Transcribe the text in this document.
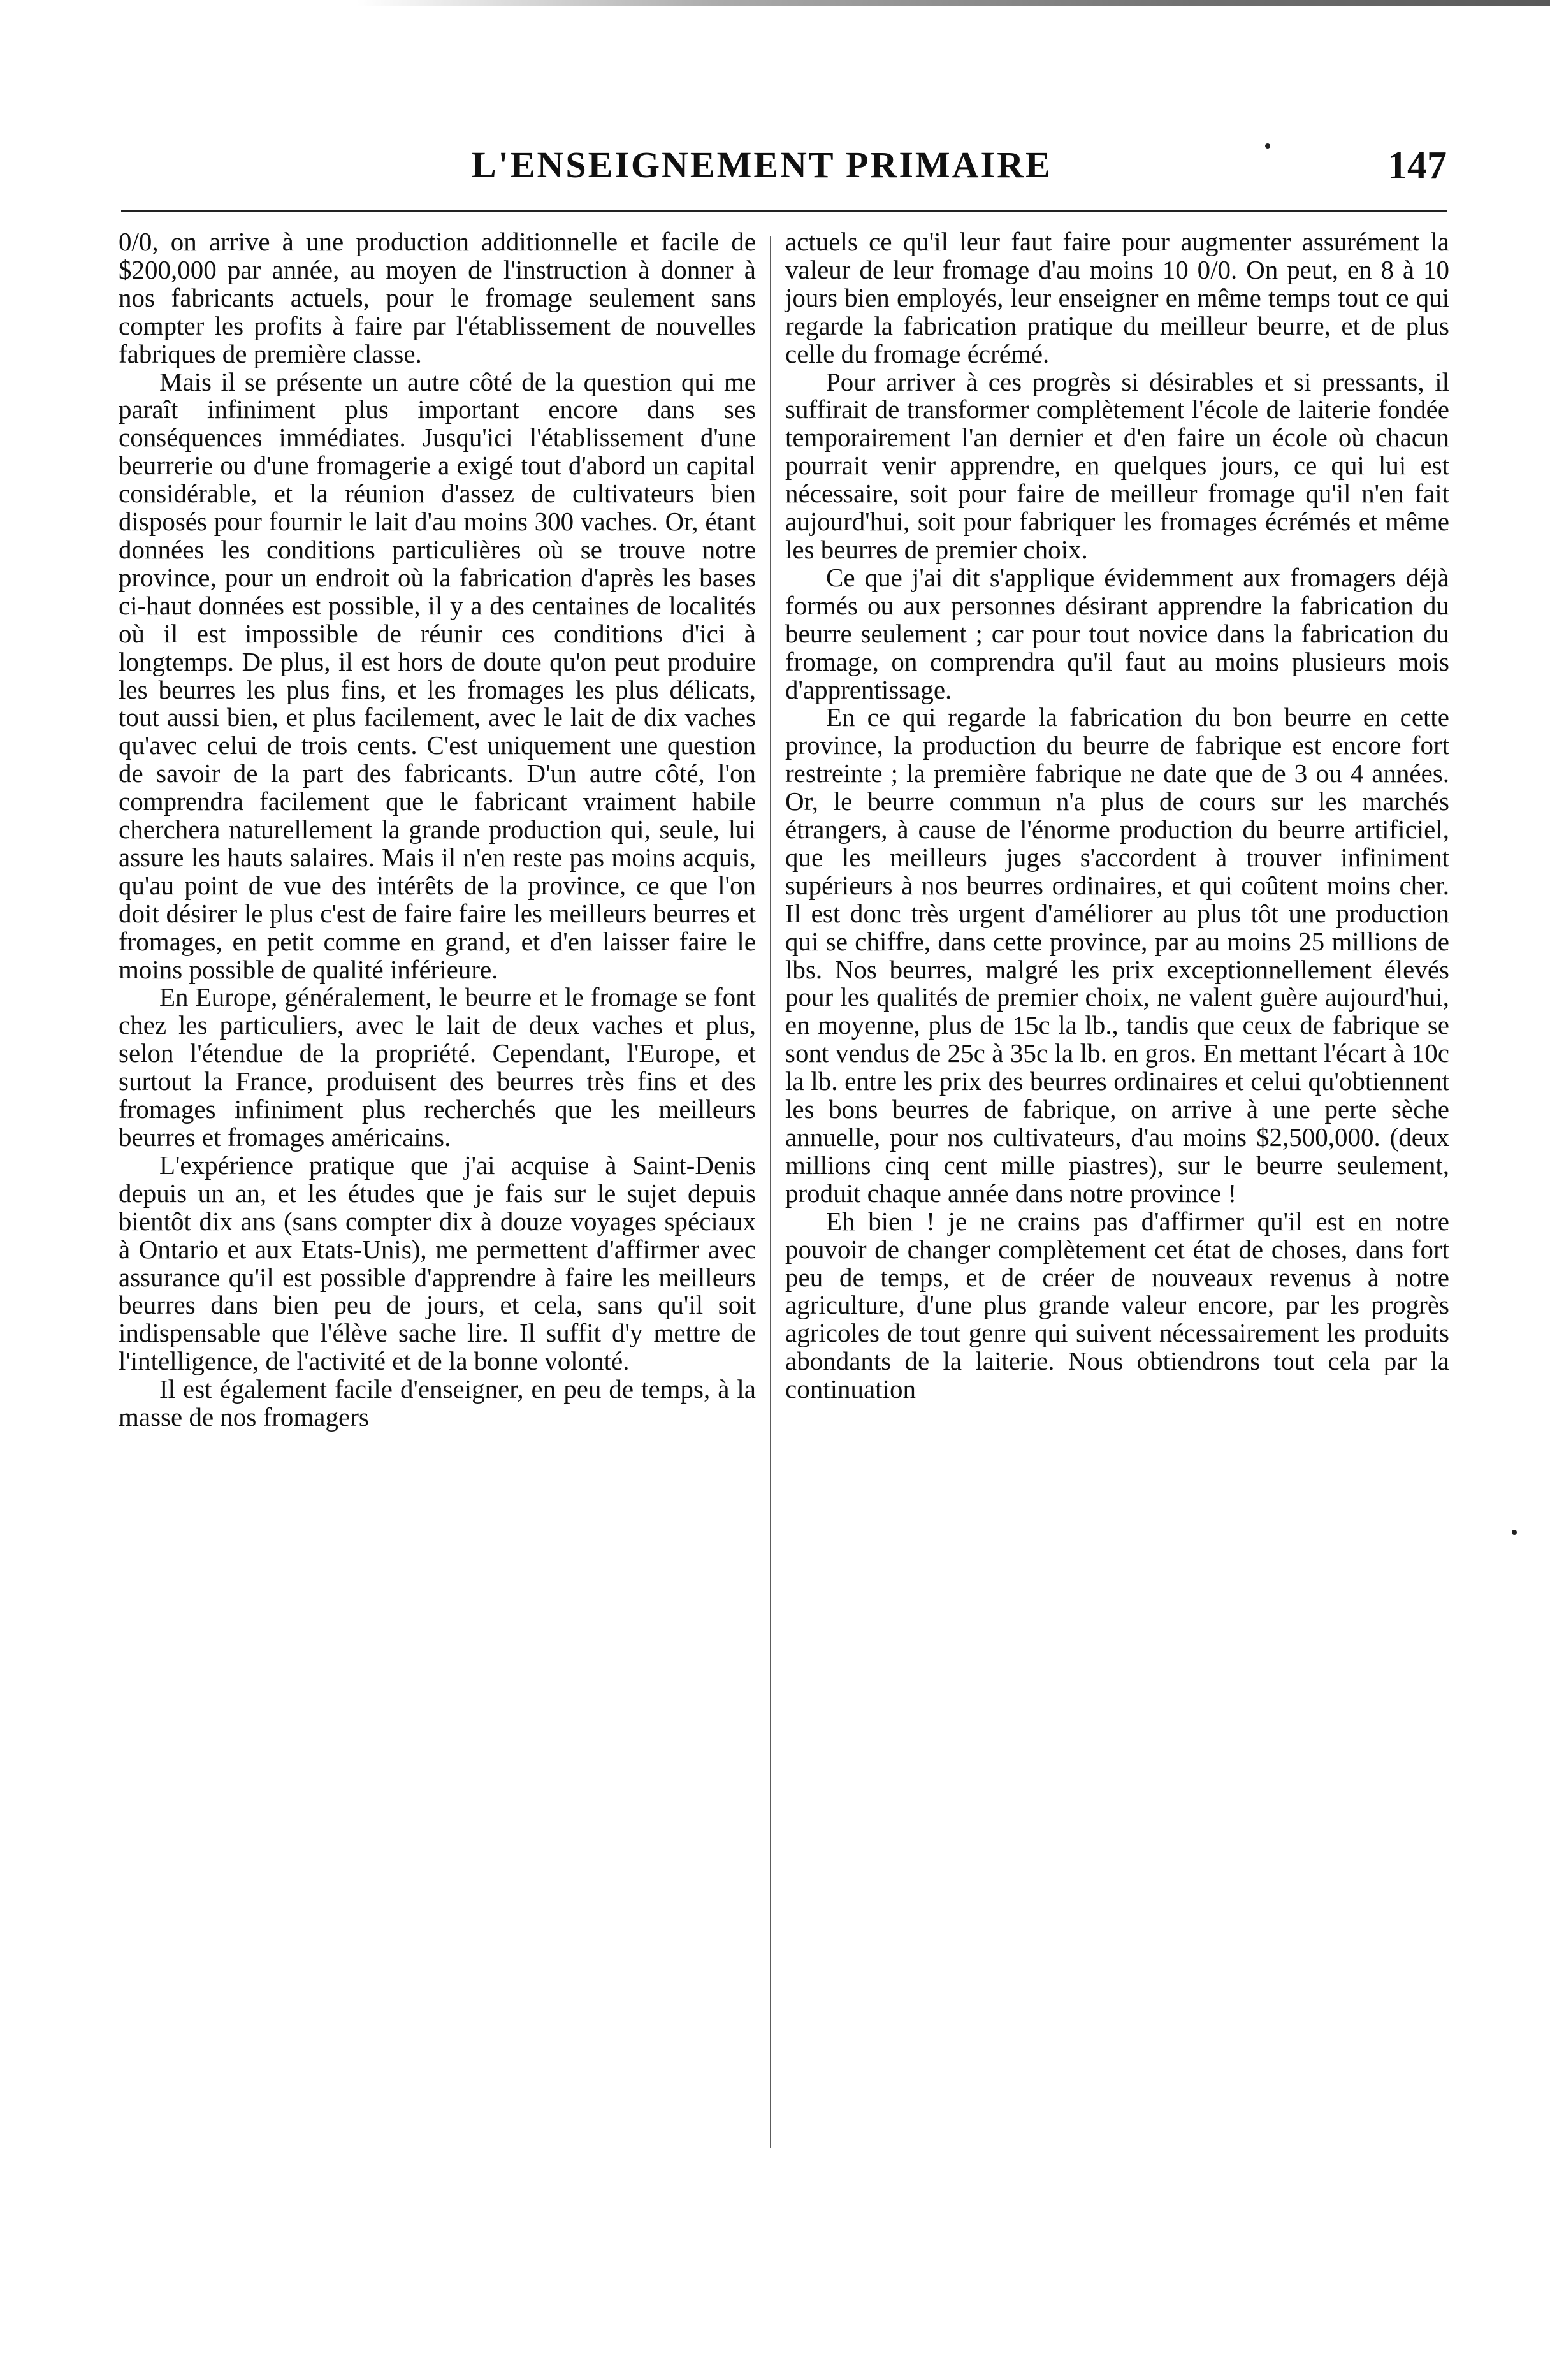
L'ENSEIGNEMENT PRIMAIRE	147

0/0, on arrive à une production additionnelle et facile de $200,000 par année, au moyen de l'instruction à donner à nos fabricants actuels, pour le fromage seulement sans compter les profits à faire par l'établissement de nouvelles fabriques de première classe.

Mais il se présente un autre côté de la question qui me paraît infiniment plus important encore dans ses conséquences immédiates. Jusqu'ici l'établissement d'une beurrerie ou d'une fromagerie a exigé tout d'abord un capital considérable, et la réunion d'assez de cultivateurs bien disposés pour fournir le lait d'au moins 300 vaches. Or, étant données les conditions particulières où se trouve notre province, pour un endroit où la fabrication d'après les bases ci-haut données est possible, il y a des centaines de localités où il est impossible de réunir ces conditions d'ici à longtemps. De plus, il est hors de doute qu'on peut produire les beurres les plus fins, et les fromages les plus délicats, tout aussi bien, et plus facilement, avec le lait de dix vaches qu'avec celui de trois cents. C'est uniquement une question de savoir de la part des fabricants. D'un autre côté, l'on comprendra facilement que le fabricant vraiment habile cherchera naturellement la grande production qui, seule, lui assure les hauts salaires. Mais il n'en reste pas moins acquis, qu'au point de vue des intérêts de la province, ce que l'on doit désirer le plus c'est de faire faire les meilleurs beurres et fromages, en petit comme en grand, et d'en laisser faire le moins possible de qualité inférieure.

En Europe, généralement, le beurre et le fromage se font chez les particuliers, avec le lait de deux vaches et plus, selon l'étendue de la propriété. Cependant, l'Europe, et surtout la France, produisent des beurres très fins et des fromages infiniment plus recherchés que les meilleurs beurres et fromages américains.

L'expérience pratique que j'ai acquise à Saint-Denis depuis un an, et les études que je fais sur le sujet depuis bientôt dix ans (sans compter dix à douze voyages spéciaux à Ontario et aux Etats-Unis), me permettent d'affirmer avec assurance qu'il est possible d'apprendre à faire les meilleurs beurres dans bien peu de jours, et cela, sans qu'il soit indispensable que l'élève sache lire. Il suffit d'y mettre de l'intelligence, de l'activité et de la bonne volonté.

Il est également facile d'enseigner, en peu de temps, à la masse de nos fromagers

actuels ce qu'il leur faut faire pour augmenter assurément la valeur de leur fromage d'au moins 10 0/0. On peut, en 8 à 10 jours bien employés, leur enseigner en même temps tout ce qui regarde la fabrication pratique du meilleur beurre, et de plus celle du fromage écrémé.

Pour arriver à ces progrès si désirables et si pressants, il suffirait de transformer complètement l'école de laiterie fondée temporairement l'an dernier et d'en faire un école où chacun pourrait venir apprendre, en quelques jours, ce qui lui est nécessaire, soit pour faire de meilleur fromage qu'il n'en fait aujourd'hui, soit pour fabriquer les fromages écrémés et même les beurres de premier choix.

Ce que j'ai dit s'applique évidemment aux fromagers déjà formés ou aux personnes désirant apprendre la fabrication du beurre seulement ; car pour tout novice dans la fabrication du fromage, on comprendra qu'il faut au moins plusieurs mois d'apprentissage.

En ce qui regarde la fabrication du bon beurre en cette province, la production du beurre de fabrique est encore fort restreinte ; la première fabrique ne date que de 3 ou 4 années. Or, le beurre commun n'a plus de cours sur les marchés étrangers, à cause de l'énorme production du beurre artificiel, que les meilleurs juges s'accordent à trouver infiniment supérieurs à nos beurres ordinaires, et qui coûtent moins cher. Il est donc très urgent d'améliorer au plus tôt une production qui se chiffre, dans cette province, par au moins 25 millions de lbs. Nos beurres, malgré les prix exceptionnellement élevés pour les qualités de premier choix, ne valent guère aujourd'hui, en moyenne, plus de 15c la lb., tandis que ceux de fabrique se sont vendus de 25c à 35c la lb. en gros. En mettant l'écart à 10c la lb. entre les prix des beurres ordinaires et celui qu'obtiennent les bons beurres de fabrique, on arrive à une perte sèche annuelle, pour nos cultivateurs, d'au moins $2,500,000. (deux millions cinq cent mille piastres), sur le beurre seulement, produit chaque année dans notre province !

Eh bien ! je ne crains pas d'affirmer qu'il est en notre pouvoir de changer complètement cet état de choses, dans fort peu de temps, et de créer de nouveaux revenus à notre agriculture, d'une plus grande valeur encore, par les progrès agricoles de tout genre qui suivent nécessairement les produits abondants de la laiterie. Nous obtiendrons tout cela par la continuation
